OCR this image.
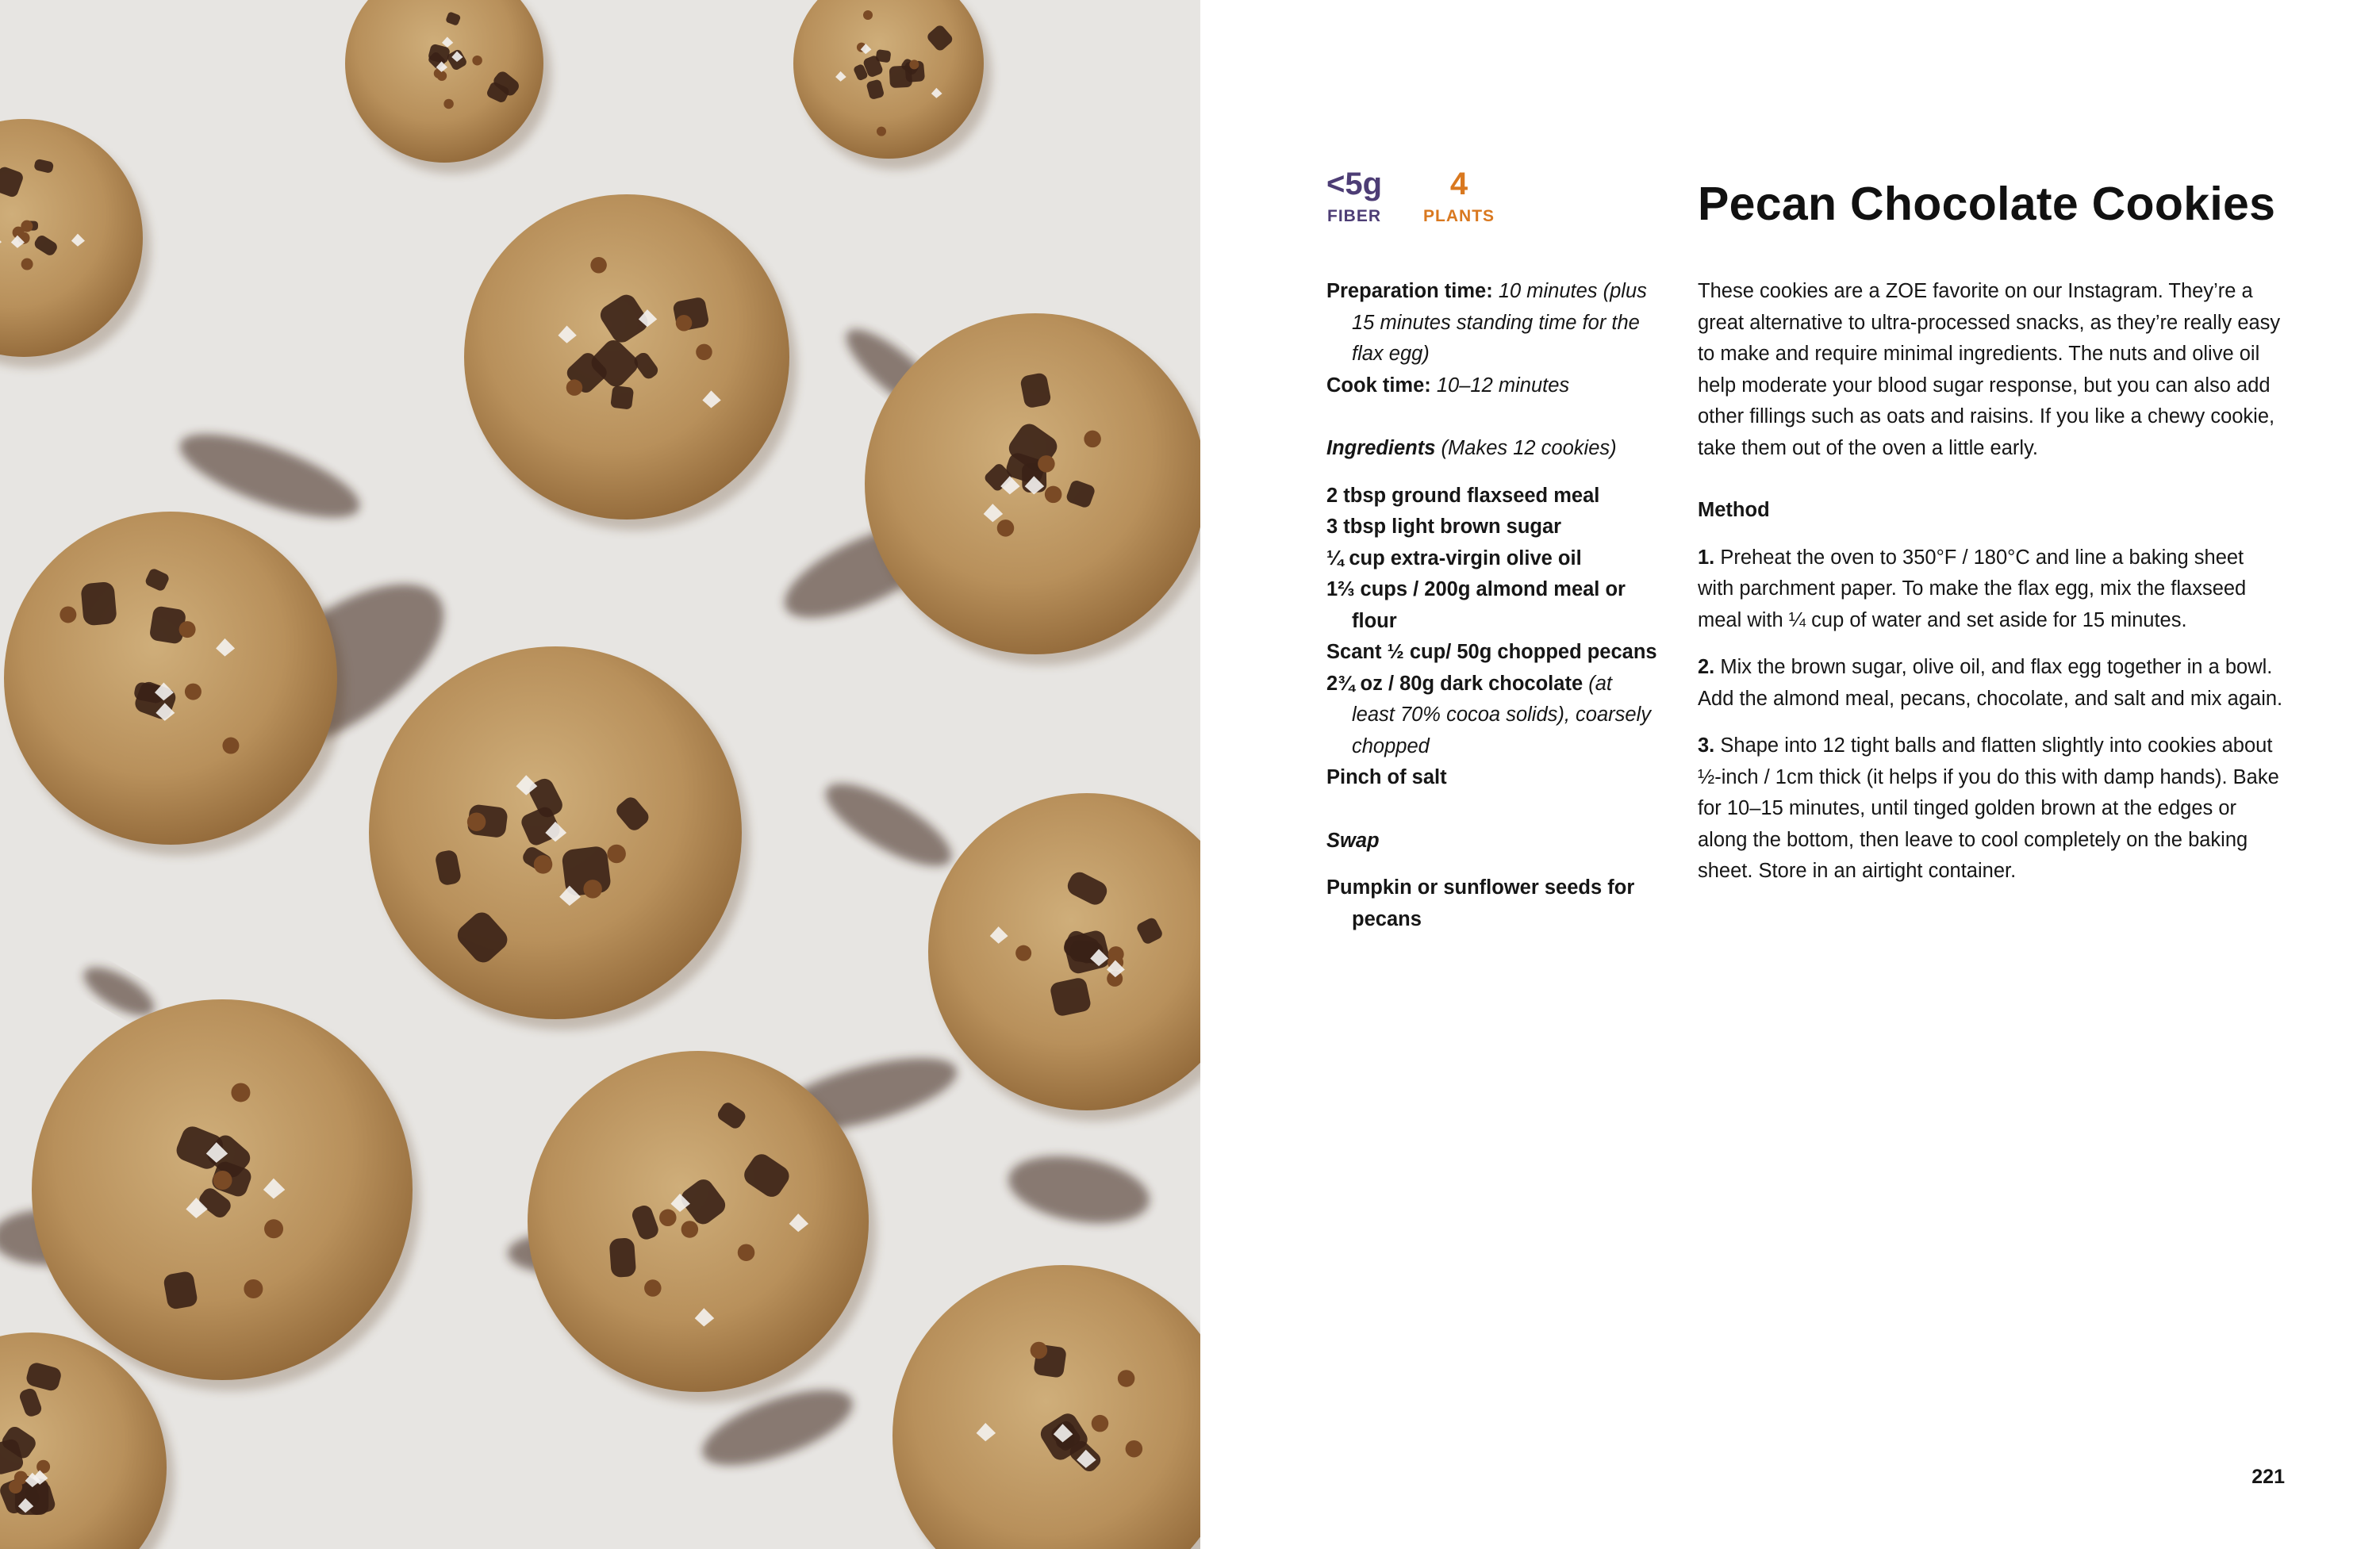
<5g
FIBER
4
PLANTS	Pecan Chocolate Cookies
Preparation time: 10 minutes (plus 15 minutes standing time for the flax egg)
Cook time: 10–12 minutes
Ingredients (Makes 12 cookies)
2 tbsp ground flaxseed meal
3 tbsp light brown sugar
¼ cup extra-virgin olive oil
1⅔ cups / 200g almond meal or flour
Scant ½ cup/ 50g chopped pecans
2¾ oz / 80g dark chocolate (at least 70% cocoa solids), coarsely chopped
Pinch of salt
Swap
Pumpkin or sunflower seeds for pecans
These cookies are a ZOE favorite on our Instagram. They’re a great alternative to ultra-processed snacks, as they’re really easy to make and require minimal ingredients. The nuts and olive oil help moderate your blood sugar response, but you can also add other fillings such as oats and raisins. If you like a chewy cookie, take them out of the oven a little early.
Method
1. Preheat the oven to 350°F / 180°C and line a baking sheet with parchment paper. To make the flax egg, mix the flaxseed meal with ¼ cup of water and set aside for 15 minutes.
2. Mix the brown sugar, olive oil, and flax egg together in a bowl. Add the almond meal, pecans, chocolate, and salt and mix again.
3. Shape into 12 tight balls and flatten slightly into cookies about ½-inch / 1cm thick (it helps if you do this with damp hands). Bake for 10–15 minutes, until tinged golden brown at the edges or along the bottom, then leave to cool completely on the baking sheet. Store in an airtight container.
221
